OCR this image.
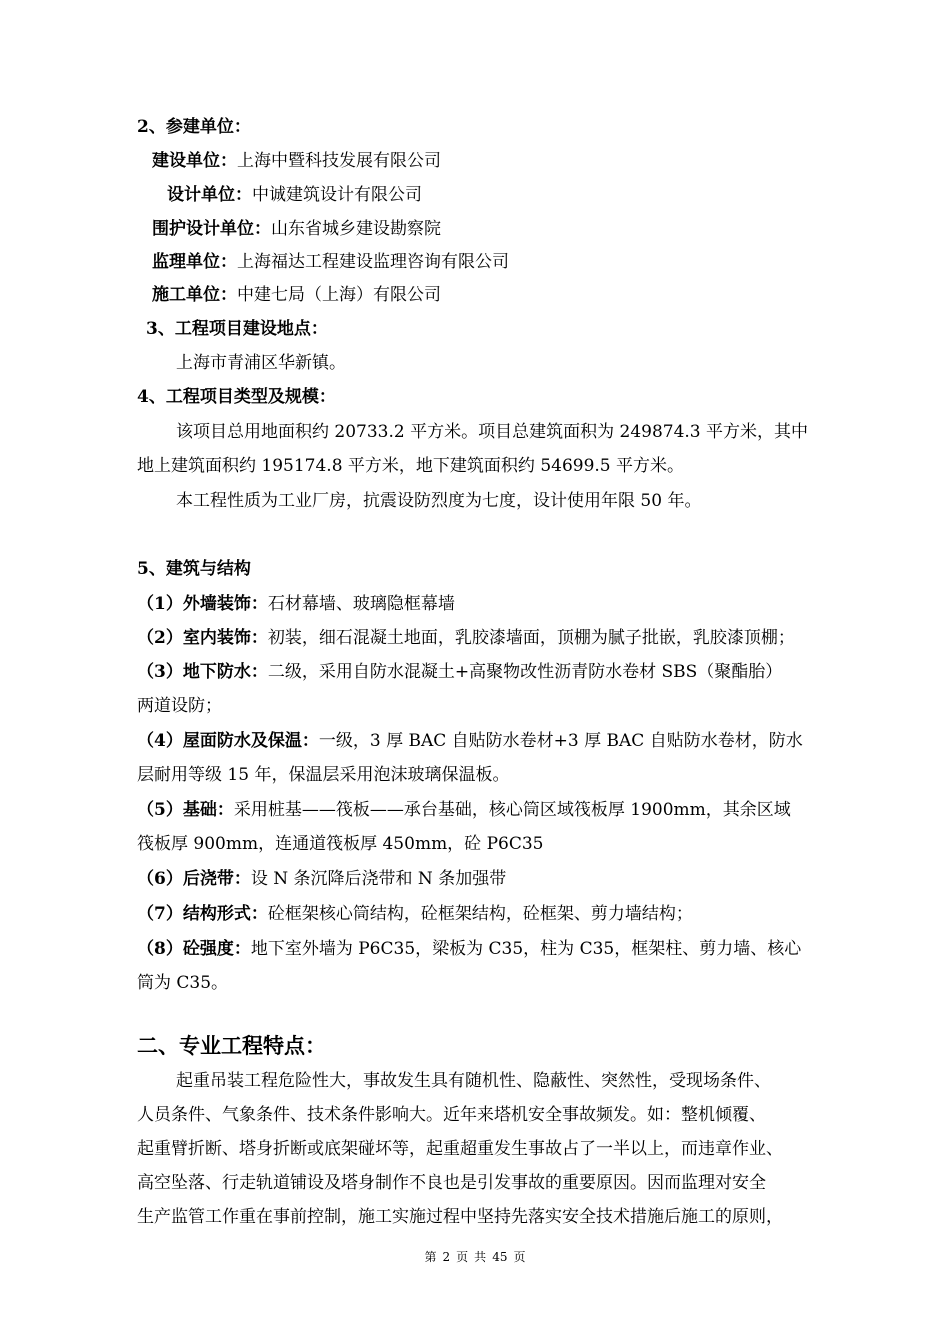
2、参建单位：
建设单位：上海中暨科技发展有限公司
设计单位：中诚建筑设计有限公司
围护设计单位：山东省城乡建设勘察院
监理单位：上海福达工程建设监理咨询有限公司
施工单位：中建七局（上海）有限公司
3、工程项目建设地点：
上海市青浦区华新镇。
4、工程项目类型及规模：
该项目总用地面积约 20733.2 平方米。项目总建筑面积为 249874.3 平方米，其中
地上建筑面积约 195174.8 平方米，地下建筑面积约 54699.5 平方米。
本工程性质为工业厂房，抗震设防烈度为七度，设计使用年限 50 年。
5、建筑与结构
（1）外墙装饰：石材幕墙、玻璃隐框幕墙
（2）室内装饰：初装，细石混凝土地面，乳胶漆墙面，顶棚为腻子批嵌，乳胶漆顶棚；
（3）地下防水：二级，采用自防水混凝土+高聚物改性沥青防水卷材 SBS（聚酯胎）
两道设防；
（4）屋面防水及保温：一级，3 厚 BAC 自贴防水卷材+3 厚 BAC 自贴防水卷材，防水
层耐用等级 15 年，保温层采用泡沫玻璃保温板。
（5）基础：采用桩基——筏板——承台基础，核心筒区域筏板厚 1900mm，其余区域
筏板厚 900mm，连通道筏板厚 450mm，砼 P6C35
（6）后浇带：设 N 条沉降后浇带和 N 条加强带
（7）结构形式：砼框架核心筒结构，砼框架结构，砼框架、剪力墙结构；
（8）砼强度：地下室外墙为 P6C35，梁板为 C35，柱为 C35，框架柱、剪力墙、核心
筒为 C35。
二、专业工程特点：
起重吊装工程危险性大，事故发生具有随机性、隐蔽性、突然性，受现场条件、
人员条件、气象条件、技术条件影响大。近年来塔机安全事故频发。如：整机倾覆、
起重臂折断、塔身折断或底架碰坏等，起重超重发生事故占了一半以上，而违章作业、
高空坠落、行走轨道铺设及塔身制作不良也是引发事故的重要原因。因而监理对安全
生产监管工作重在事前控制，施工实施过程中坚持先落实安全技术措施后施工的原则，
第 2 页 共 45 页
